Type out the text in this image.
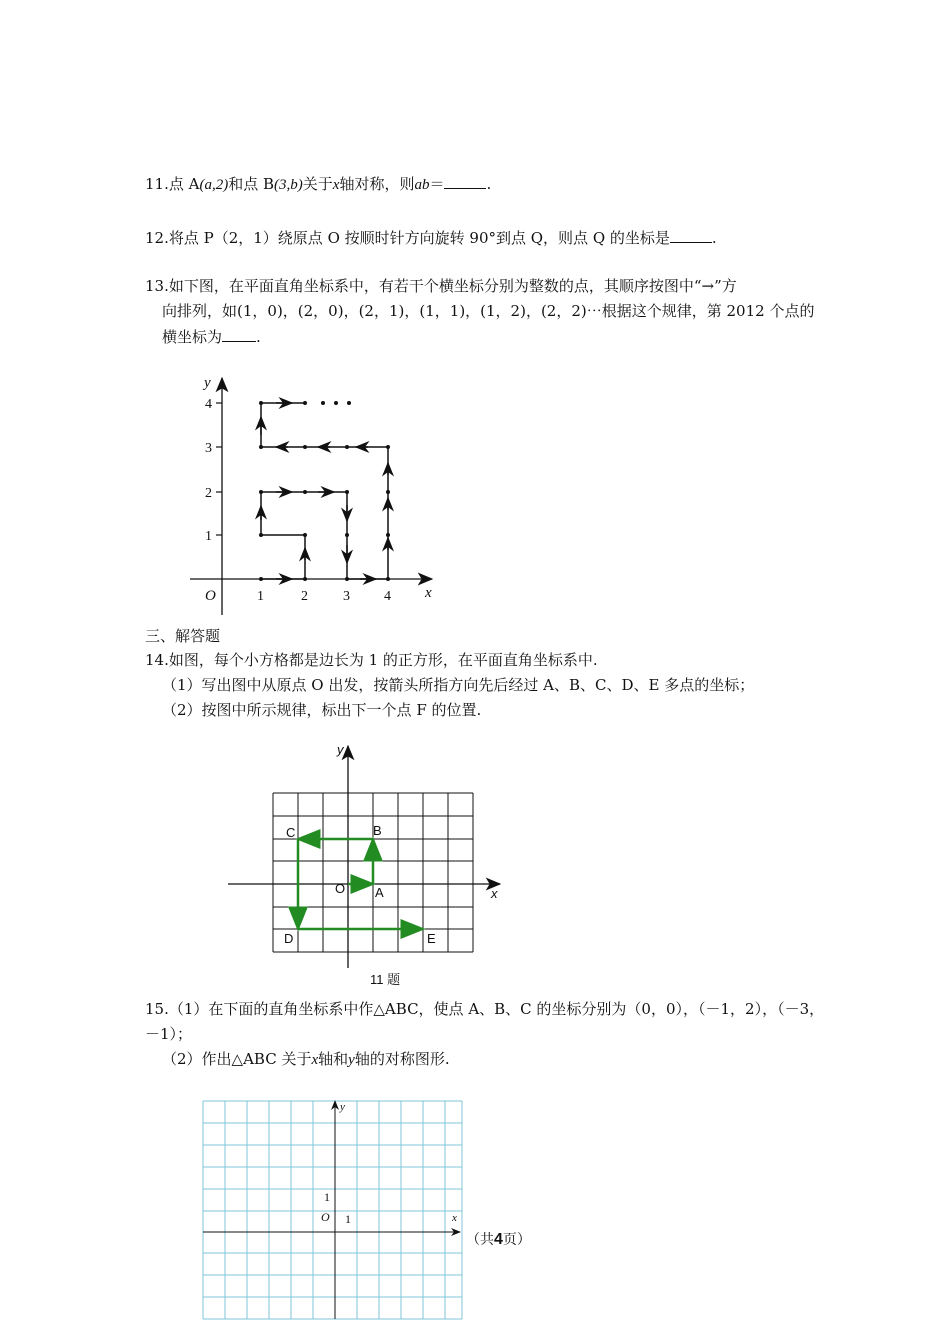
11.点 A(a,2)和点 B(3,b)关于x轴对称，则ab＝	.
12.将点 P（2，1）绕原点 O 按顺时针方向旋转 90°到点 Q，则点 Q 的坐标是	.
13.如下图，在平面直角坐标系中，有若干个横坐标分别为整数的点，其顺序按图中“→”方
向排列，如(1，0)，(2，0)，(2，1)，(1，1)，(1，2)，(2，2)⋯根据这个规律，第 2012 个点的
横坐标为 .
y
x
O	1	2	3 4
1
2
3
4
三、解答题
14.如图，每个小方格都是边长为 1 的正方形，在平面直角坐标系中.
（1）写出图中从原点 O 出发，按箭头所指方向先后经过 A、B、C、D、E 多点的坐标；
（2）按图中所示规律，标出下一个点 F 的位置.
y
x
O A
B
C
D	E
11 题
15.（1）在下面的直角坐标系中作△ABC，使点 A、B、C 的坐标分别为（0，0），（－1，2），（－3，
－1）；
（2）作出△ABC 关于x轴和y轴的对称图形.
y
x
O 1
1
（共4页）
